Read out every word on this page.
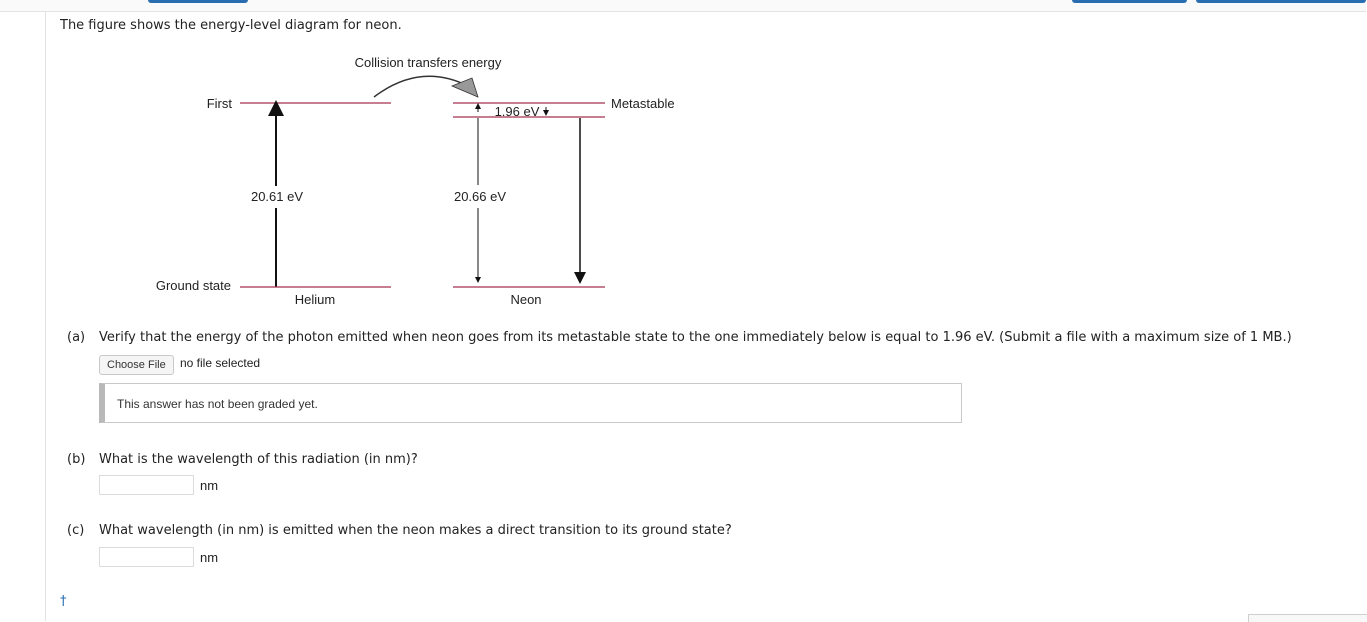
The figure shows the energy-level diagram for neon.
Collision transfers energy
First	Metastable
1.96 eV
20.61 eV	20.66 eV
Ground state
Helium	Neon
(a) Verify that the energy of the photon emitted when neon goes from its metastable state to the one immediately below is equal to 1.96 eV. (Submit a file with a maximum size of 1 MB.)
Choose File	no file selected
This answer has not been graded yet.
(b) What is the wavelength of this radiation (in nm)?
nm
(c) What wavelength (in nm) is emitted when the neon makes a direct transition to its ground state?
nm
†
